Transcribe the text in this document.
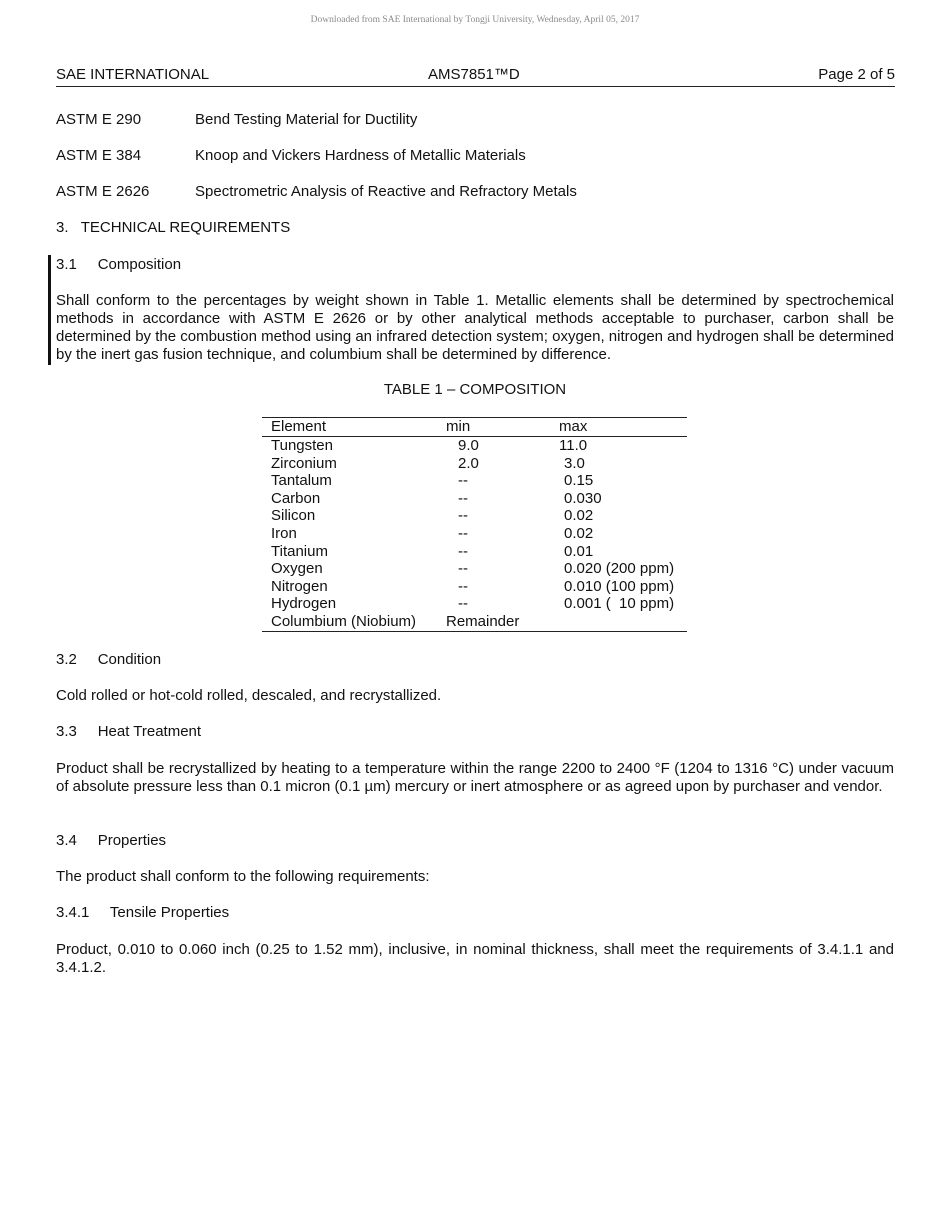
Downloaded from SAE International by Tongji University, Wednesday, April 05, 2017
SAE INTERNATIONAL	AMS7851™D	Page 2 of 5
ASTM E 290	Bend Testing Material for Ductility
ASTM E 384	Knoop and Vickers Hardness of Metallic Materials
ASTM E 2626	Spectrometric Analysis of Reactive and Refractory Metals
3.   TECHNICAL REQUIREMENTS
3.1     Composition
Shall conform to the percentages by weight shown in Table 1. Metallic elements shall be determined by spectrochemical methods in accordance with ASTM E 2626 or by other analytical methods acceptable to purchaser, carbon shall be determined by the combustion method using an infrared detection system; oxygen, nitrogen and hydrogen shall be determined by the inert gas fusion technique, and columbium shall be determined by difference.
TABLE 1 – COMPOSITION
Element	min	max
Tungsten	9.0	11.0
Zirconium	2.0	3.0
Tantalum	--	0.15
Carbon	--	0.030
Silicon	--	0.02
Iron	--	0.02
Titanium	--	0.01
Oxygen	--	0.020 (200 ppm)
Nitrogen	--	0.010 (100 ppm)
Hydrogen	--	0.001 (  10 ppm)
Columbium (Niobium)	Remainder	
3.2     Condition
Cold rolled or hot-cold rolled, descaled, and recrystallized.
3.3     Heat Treatment
Product shall be recrystallized by heating to a temperature within the range 2200 to 2400 °F (1204 to 1316 °C) under vacuum of absolute pressure less than 0.1 micron (0.1 µm) mercury or inert atmosphere or as agreed upon by purchaser and vendor.
3.4     Properties
The product shall conform to the following requirements:
3.4.1     Tensile Properties
Product, 0.010 to 0.060 inch (0.25 to 1.52 mm), inclusive, in nominal thickness, shall meet the requirements of 3.4.1.1 and 3.4.1.2.
